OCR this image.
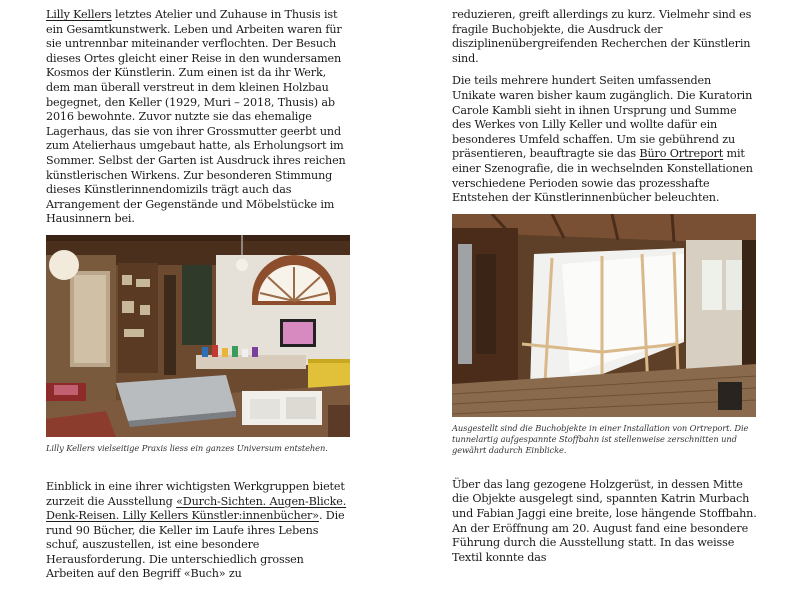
Lilly Kellers letztes Atelier und Zuhause in Thusis ist ein Gesamtkunstwerk. Leben und Arbeiten waren für sie untrennbar miteinander verflochten. Der Besuch dieses Ortes gleicht einer Reise in den wundersamen Kosmos der Künstlerin. Zum einen ist da ihr Werk, dem man überall verstreut in dem kleinen Holzbau begegnet, den Keller (1929, Muri – 2018, Thusis) ab 2016 bewohnte. Zuvor nutzte sie das ehemalige Lagerhaus, das sie von ihrer Grossmutter geerbt und zum Atelierhaus umgebaut hatte, als Erholungsort im Sommer. Selbst der Garten ist Ausdruck ihres reichen künstlerischen Wirkens. Zur besonderen Stimmung dieses Künstlerinnendomizils trägt auch das Arrangement der Gegenstände und Möbelstücke im Hausinnern bei.

Lilly Kellers vielseitige Praxis liess ein ganzes Universum entstehen.

Einblick in eine ihrer wichtigsten Werkgruppen bietet zurzeit die Ausstellung «Durch-Sichten. Augen-Blicke. Denk-Reisen. Lilly Kellers Künstler:innenbücher». Die rund 90 Bücher, die Keller im Laufe ihres Lebens schuf, auszustellen, ist eine besondere Herausforderung. Die unterschiedlich grossen Arbeiten auf den Begriff «Buch» zu

reduzieren, greift allerdings zu kurz. Vielmehr sind es fragile Buchobjekte, die Ausdruck der disziplinenübergreifenden Recherchen der Künstlerin sind.

Die teils mehrere hundert Seiten umfassenden Unikate waren bisher kaum zugänglich. Die Kuratorin Carole Kambli sieht in ihnen Ursprung und Summe des Werkes von Lilly Keller und wollte dafür ein besonderes Umfeld schaffen. Um sie gebührend zu präsentieren, beauftragte sie das Büro Ortreport mit einer Szenografie, die in wechselnden Konstellationen verschiedene Perioden sowie das prozesshafte Entstehen der Künstlerinnenbücher beleuchten.

Ausgestellt sind die Buchobjekte in einer Installation von Ortreport. Die tunnelartig aufgespannte Stoffbahn ist stellenweise zerschnitten und gewährt dadurch Einblicke.

Über das lang gezogene Holzgerüst, in dessen Mitte die Objekte ausgelegt sind, spannten Katrin Murbach und Fabian Jaggi eine breite, lose hängende Stoffbahn. An der Eröffnung am 20. August fand eine besondere Führung durch die Ausstellung statt. In das weisse Textil konnte das
